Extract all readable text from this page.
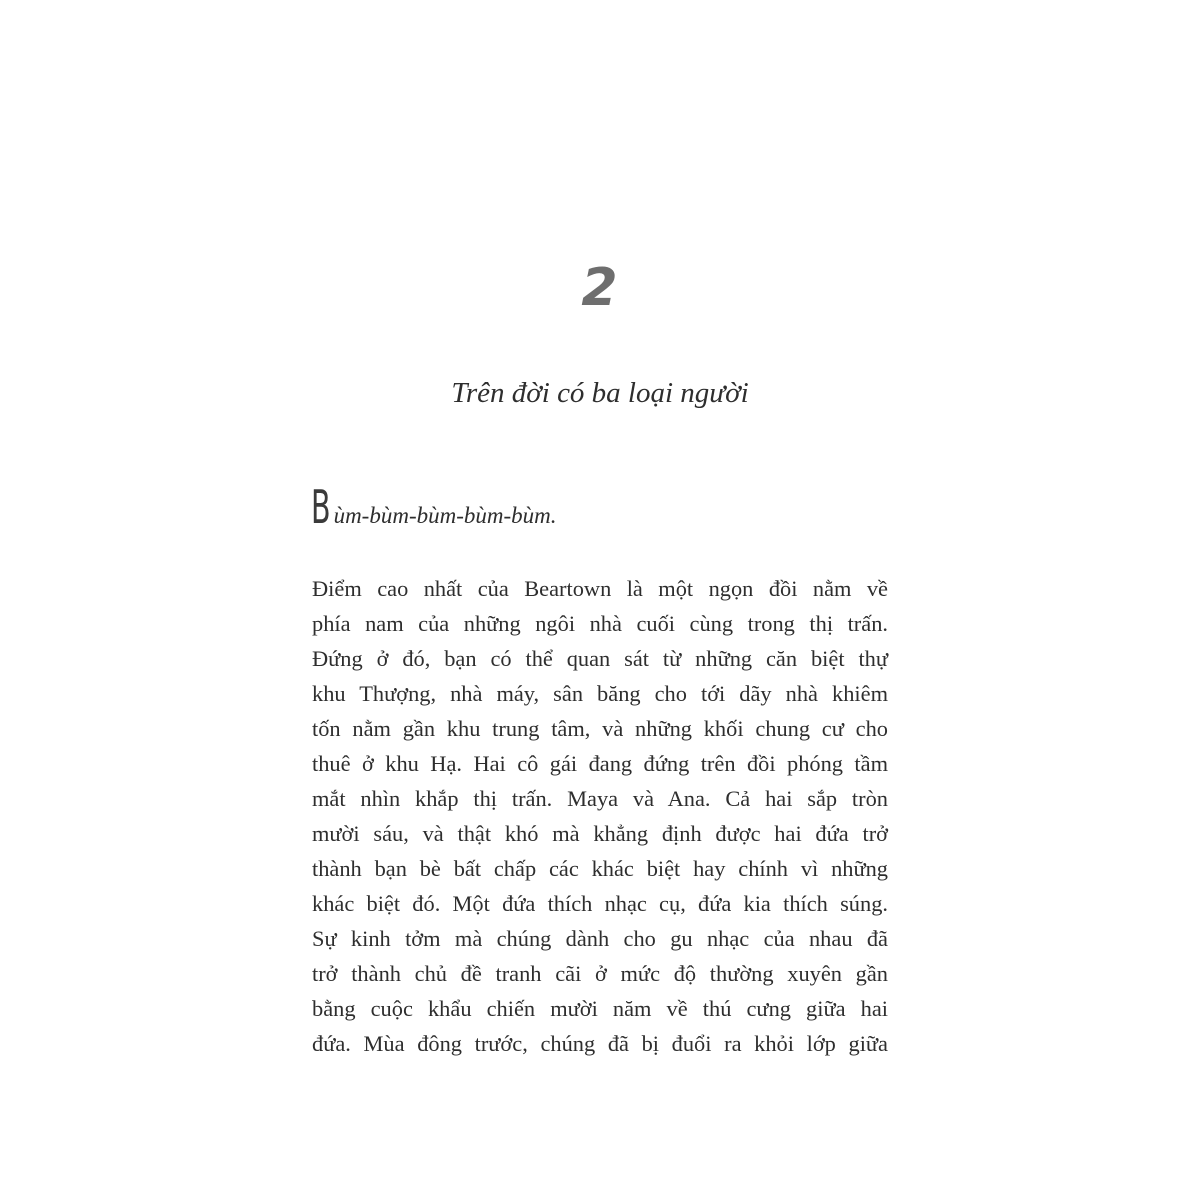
2
Trên đời có ba loại người
Bùm-bùm-bùm-bùm-bùm.
Điểm cao nhất của Beartown là một ngọn đồi nằm về
phía nam của những ngôi nhà cuối cùng trong thị trấn.
Đứng ở đó, bạn có thể quan sát từ những căn biệt thự
khu Thượng, nhà máy, sân băng cho tới dãy nhà khiêm
tốn nằm gần khu trung tâm, và những khối chung cư cho
thuê ở khu Hạ. Hai cô gái đang đứng trên đồi phóng tầm
mắt nhìn khắp thị trấn. Maya và Ana. Cả hai sắp tròn
mười sáu, và thật khó mà khẳng định được hai đứa trở
thành bạn bè bất chấp các khác biệt hay chính vì những
khác biệt đó. Một đứa thích nhạc cụ, đứa kia thích súng.
Sự kinh tởm mà chúng dành cho gu nhạc của nhau đã
trở thành chủ đề tranh cãi ở mức độ thường xuyên gần
bằng cuộc khẩu chiến mười năm về thú cưng giữa hai
đứa. Mùa đông trước, chúng đã bị đuổi ra khỏi lớp giữa
